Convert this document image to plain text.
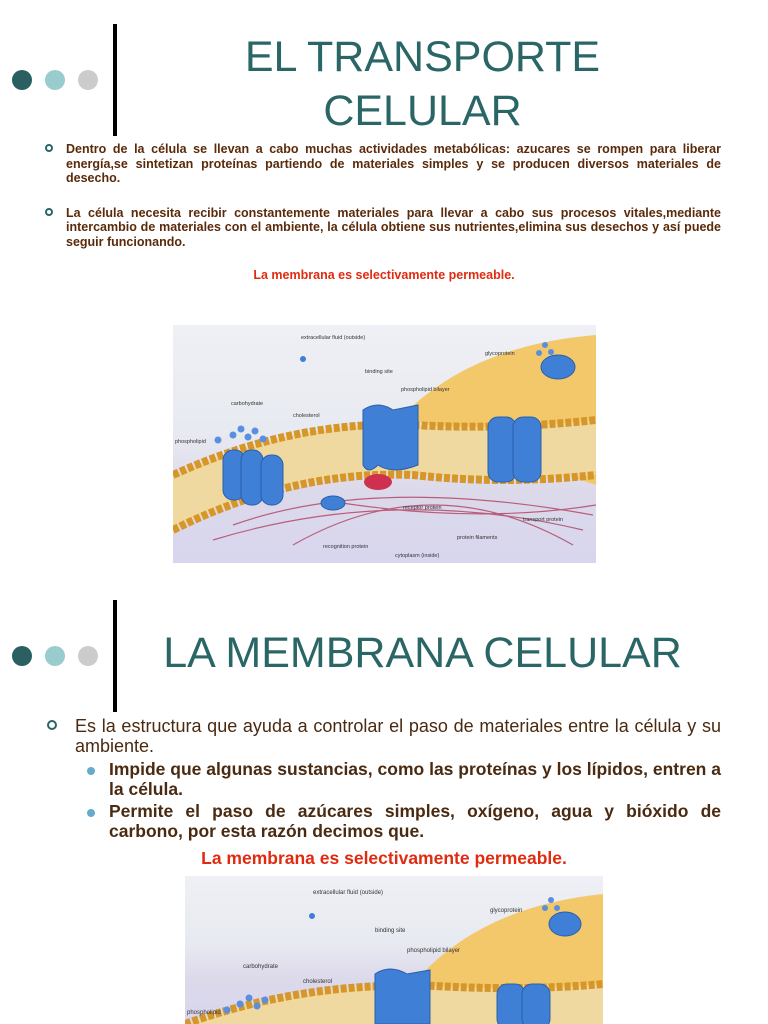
EL TRANSPORTE
CELULAR
Dentro de la célula se llevan a cabo muchas actividades metabólicas: azucares se rompen para liberar energía,se sintetizan proteínas partiendo de materiales simples y se producen diversos materiales de desecho.
La célula necesita recibir constantemente materiales para llevar a cabo sus procesos vitales,mediante intercambio de materiales con el ambiente, la célula obtiene sus nutrientes,elimina sus desechos y así puede seguir funcionando.
La membrana es selectivamente permeable.
extracellular fluid (outside)
glycoprotein
binding site
phospholipid bilayer
carbohydrate
cholesterol
phospholipid
receptor protein
transport protein
protein filaments
recognition protein
cytoplasm (inside)
LA MEMBRANA CELULAR
Es la estructura que ayuda a controlar el paso de materiales entre la célula y su ambiente.
Impide que algunas sustancias, como las proteínas y los lípidos, entren a la célula.
Permite el paso de azúcares simples, oxígeno, agua y bióxido de carbono, por esta razón decimos que.
La membrana es selectivamente permeable.
extracellular fluid (outside)
glycoprotein
binding site
phospholipid bilayer
carbohydrate
cholesterol
phospholipid
